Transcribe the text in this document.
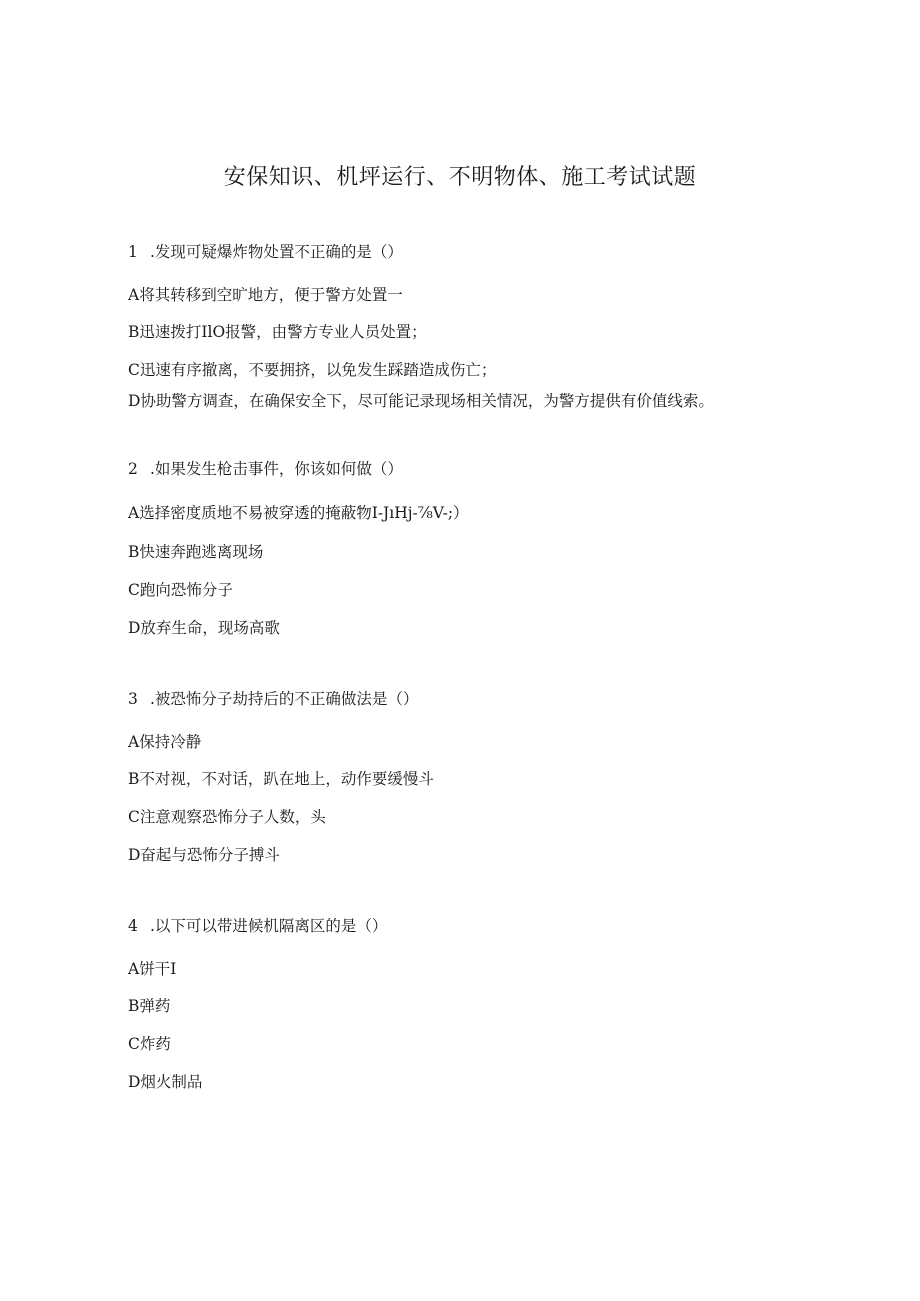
安保知识、机坪运行、不明物体、施工考试试题
1 .发现可疑爆炸物处置不正确的是（）
A将其转移到空旷地方，便于警方处置一
B迅速拨打IlO报警，由警方专业人员处置；
C迅速有序撤离，不要拥挤，以免发生踩踏造成伤亡；
D协助警方调查，在确保安全下，尽可能记录现场相关情况，为警方提供有价值线索。
2 .如果发生枪击事件，你该如何做（）
A选择密度质地不易被穿透的掩蔽物I-JıHj-⅞V-;）
B快速奔跑逃离现场
C跑向恐怖分子
D放弃生命，现场高歌
3 .被恐怖分子劫持后的不正确做法是（）
A保持冷静
B不对视，不对话，趴在地上，动作要缓慢斗
C注意观察恐怖分子人数，头
D奋起与恐怖分子搏斗
4 .以下可以带进候机隔离区的是（）
A饼干I
B弹药
C炸药
D烟火制品
